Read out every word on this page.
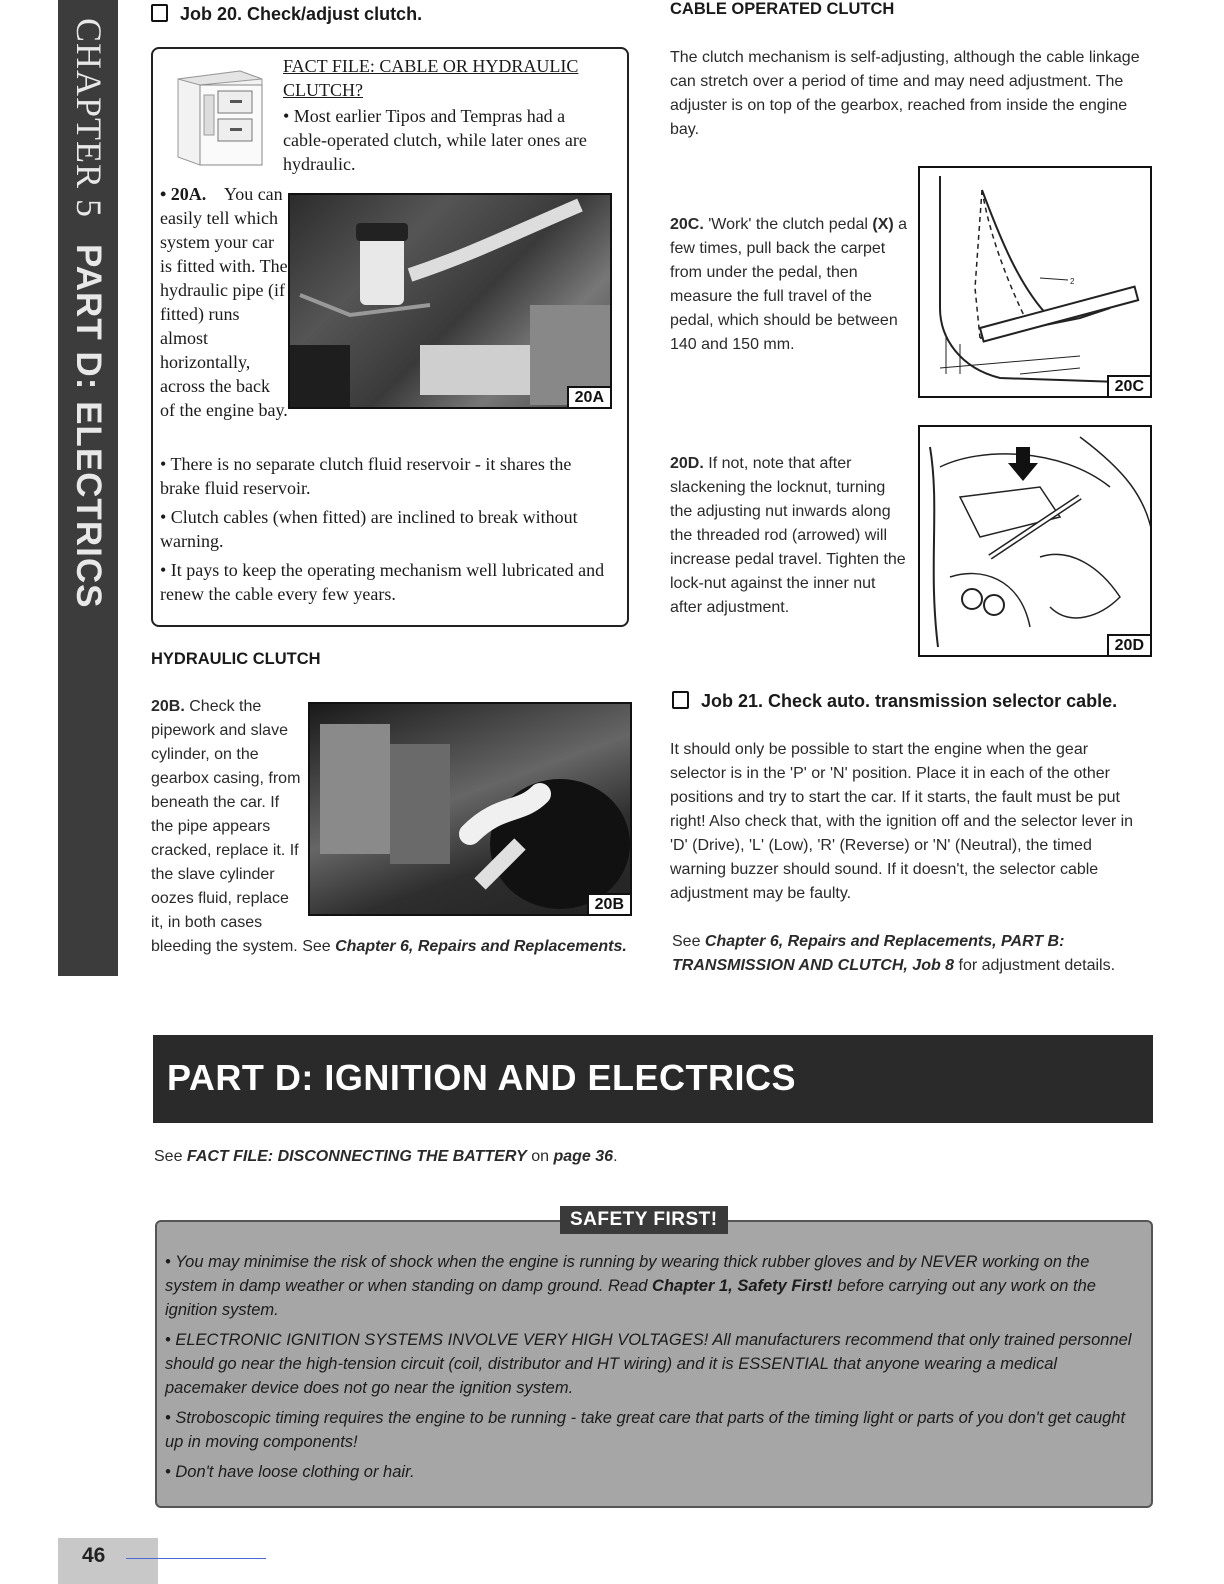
CHAPTER 5PART D: ELECTRICS
Job 20. Check/adjust clutch.

FACT FILE: CABLE OR HYDRAULIC CLUTCH?

• Most earlier Tipos and Tempras had a cable-operated clutch, while later ones are hydraulic.

• 20A. You can easily tell which system your car is fitted with. The hydraulic pipe (if fitted) runs almost horizontally, across the back of the engine bay.
20A

• There is no separate clutch fluid reservoir - it shares the brake fluid reservoir.

• Clutch cables (when fitted) are inclined to break without warning.

• It pays to keep the operating mechanism well lubricated and renew the cable every few years.

HYDRAULIC CLUTCH
20B. Check the pipework and slave cylinder, on the gearbox casing, from beneath the car. If the pipe appears cracked, replace it. If the slave cylinder oozes fluid, replace it, in both cases bleeding the system. See Chapter 6, Repairs and Replacements.
20B
CABLE OPERATED CLUTCH
The clutch mechanism is self-adjusting, although the cable linkage can stretch over a period of time and may need adjustment. The adjuster is on top of the gearbox, reached from inside the engine bay.
20C. 'Work' the clutch pedal (X) a few times, pull back the carpet from under the pedal, then measure the full travel of the pedal, which should be between 140 and 150 mm.
2
20C
20D. If not, note that after slackening the locknut, turning the adjusting nut inwards along the threaded rod (arrowed) will increase pedal travel. Tighten the lock-nut against the inner nut after adjustment.
20D
Job 21. Check auto. transmission selector cable.
It should only be possible to start the engine when the gear selector is in the 'P' or 'N' position. Place it in each of the other positions and try to start the car. If it starts, the fault must be put right! Also check that, with the ignition off and the selector lever in 'D' (Drive), 'L' (Low), 'R' (Reverse) or 'N' (Neutral), the timed warning buzzer should sound. If it doesn't, the selector cable adjustment may be faulty.
See Chapter 6, Repairs and Replacements, PART B: TRANSMISSION AND CLUTCH, Job 8 for adjustment details.
PART D: IGNITION AND ELECTRICS
See FACT FILE: DISCONNECTING THE BATTERY on page 36.

• You may minimise the risk of shock when the engine is running by wearing thick rubber gloves and by NEVER working on the system in damp weather or when standing on damp ground. Read Chapter 1, Safety First! before carrying out any work on the ignition system.

• ELECTRONIC IGNITION SYSTEMS INVOLVE VERY HIGH VOLTAGES! All manufacturers recommend that only trained personnel should go near the high-tension circuit (coil, distributor and HT wiring) and it is ESSENTIAL that anyone wearing a medical pacemaker device does not go near the ignition system.

• Stroboscopic timing requires the engine to be running - take great care that parts of the timing light or parts of you don't get caught up in moving components!

• Don't have loose clothing or hair.

SAFETY FIRST!
46
